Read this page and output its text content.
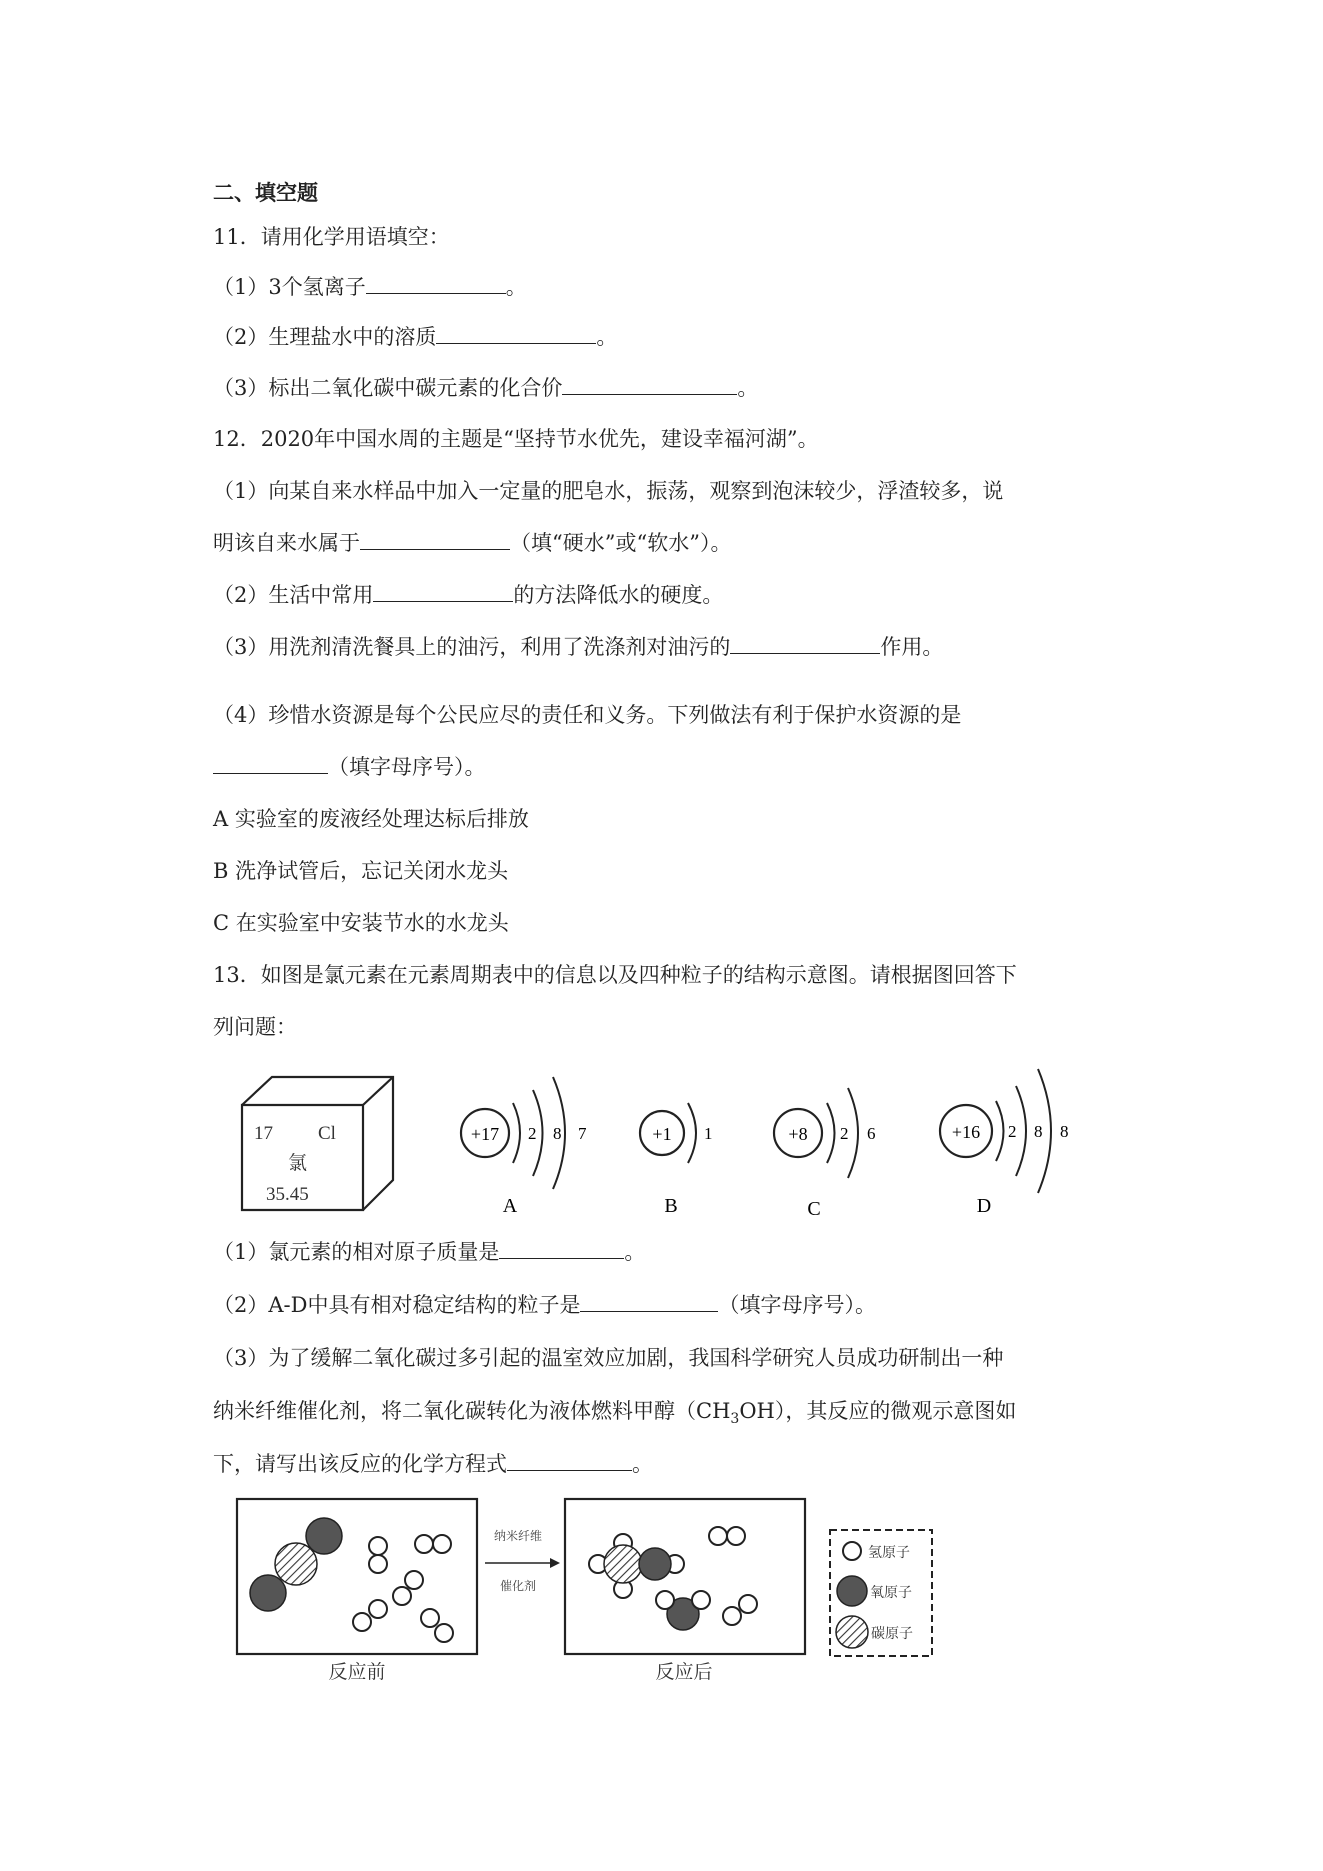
二、填空题
11．请用化学用语填空：
（1）3个氢离子	。
（2）生理盐水中的溶质	。
（3）标出二氧化碳中碳元素的化合价	。
12．2020年中国水周的主题是“坚持节水优先，建设幸福河湖”。
（1）向某自来水样品中加入一定量的肥皂水，振荡，观察到泡沫较少，浮渣较多，说
明该自来水属于	（填“硬水”或“软水”）。
（2）生活中常用	的方法降低水的硬度。
（3）用洗剂清洗餐具上的油污，利用了洗涤剂对油污的	作用。
（4）珍惜水资源是每个公民应尽的责任和义务。下列做法有利于保护水资源的是
（填字母序号）。
A 实验室的废液经处理达标后排放
B 洗净试管后，忘记关闭水龙头
C 在实验室中安装节水的水龙头
13．如图是氯元素在元素周期表中的信息以及四种粒子的结构示意图。请根据图回答下
列问题：
17 Cl
氯
35.45
+17 2 8 7
A
+1 1
B
+8 2 6
C
+16 2 8 8
D
（1）氯元素的相对原子质量是	。
（2）A-D中具有相对稳定结构的粒子是	（填字母序号）。
（3）为了缓解二氧化碳过多引起的温室效应加剧，我国科学研究人员成功研制出一种
纳米纤维催化剂，将二氧化碳转化为液体燃料甲醇$(CH_3OH)$，其反应的微观示意图如
下，请写出该反应的化学方程式	。
反应前
纳米纤维
催化剂
反应后
氢原子
氧原子
碳原子
